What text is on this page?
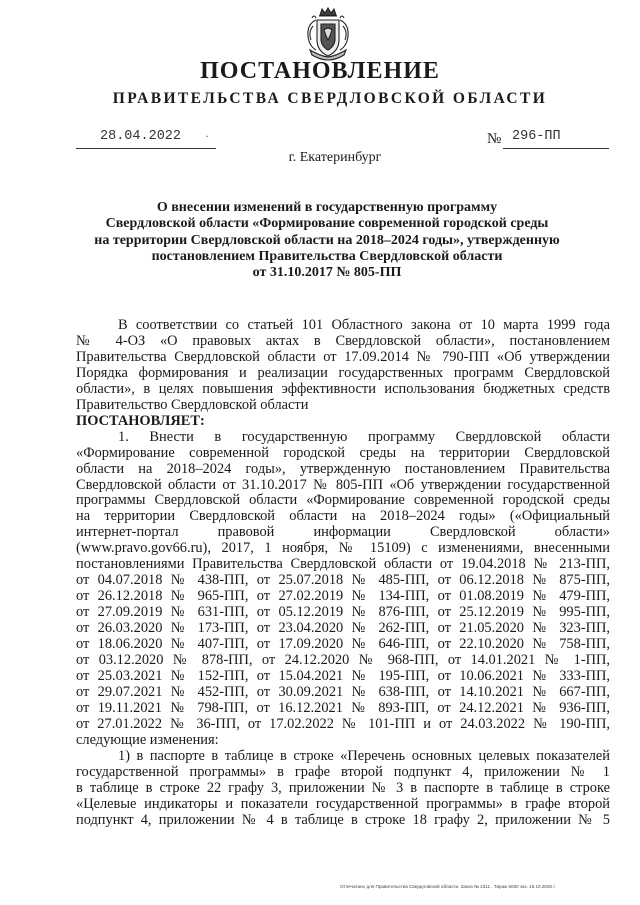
ПОСТАНОВЛЕНИЕ
ПРАВИТЕЛЬСТВА СВЕРДЛОВСКОЙ ОБЛАСТИ
28.04.2022 ·	№ 296-ПП
г. Екатеринбург
О внесении изменений в государственную программу
Свердловской области «Формирование современной городской среды
на территории Свердловской области на 2018–2024 годы», утвержденную
постановлением Правительства Свердловской области
от 31.10.2017 № 805-ПП
В соответствии со статьей 101 Областного закона от 10 марта 1999 года
№ 4-ОЗ «О правовых актах в Свердловской области», постановлением
Правительства Свердловской области от 17.09.2014 № 790-ПП «Об утверждении
Порядка формирования и реализации государственных программ Свердловской
области», в целях повышения эффективности использования бюджетных средств
Правительство Свердловской области
ПОСТАНОВЛЯЕТ:
1. Внести в государственную программу Свердловской области
«Формирование современной городской среды на территории Свердловской
области на 2018–2024 годы», утвержденную постановлением Правительства
Свердловской области от 31.10.2017 № 805-ПП «Об утверждении государственной
программы Свердловской области «Формирование современной городской среды
на территории Свердловской области на 2018–2024 годы» («Официальный
интернет-портал правовой информации Свердловской области»
(www.pravo.gov66.ru), 2017, 1 ноября, № 15109) с изменениями, внесенными
постановлениями Правительства Свердловской области от 19.04.2018 № 213-ПП,
от 04.07.2018 № 438-ПП, от 25.07.2018 № 485-ПП, от 06.12.2018 № 875-ПП,
от 26.12.2018 № 965-ПП, от 27.02.2019 № 134-ПП, от 01.08.2019 № 479-ПП,
от 27.09.2019 № 631-ПП, от 05.12.2019 № 876-ПП, от 25.12.2019 № 995-ПП,
от 26.03.2020 № 173-ПП, от 23.04.2020 № 262-ПП, от 21.05.2020 № 323-ПП,
от 18.06.2020 № 407-ПП, от 17.09.2020 № 646-ПП, от 22.10.2020 № 758-ПП,
от 03.12.2020 № 878-ПП, от 24.12.2020 № 968-ПП, от 14.01.2021 № 1-ПП,
от 25.03.2021 № 152-ПП, от 15.04.2021 № 195-ПП, от 10.06.2021 № 333-ПП,
от 29.07.2021 № 452-ПП, от 30.09.2021 № 638-ПП, от 14.10.2021 № 667-ПП,
от 19.11.2021 № 798-ПП, от 16.12.2021 № 893-ПП, от 24.12.2021 № 936-ПП,
от 27.01.2022 № 36-ПП, от 17.02.2022 № 101-ПП и от 24.03.2022 № 190-ПП,
следующие изменения:
1) в паспорте в таблице в строке «Перечень основных целевых показателей
государственной программы» в графе второй подпункт 4, приложении № 1
в таблице в строке 22 графу 3, приложении № 3 в паспорте в таблице в строке
«Целевые индикаторы и показатели государственной программы» в графе второй
подпункт 4, приложении № 4 в таблице в строке 18 графу 2, приложении № 5
Отпечатано для Правительства Свердловской области. Заказ № 4311 . Тираж 5000 экз. 16.10.2020 г.
